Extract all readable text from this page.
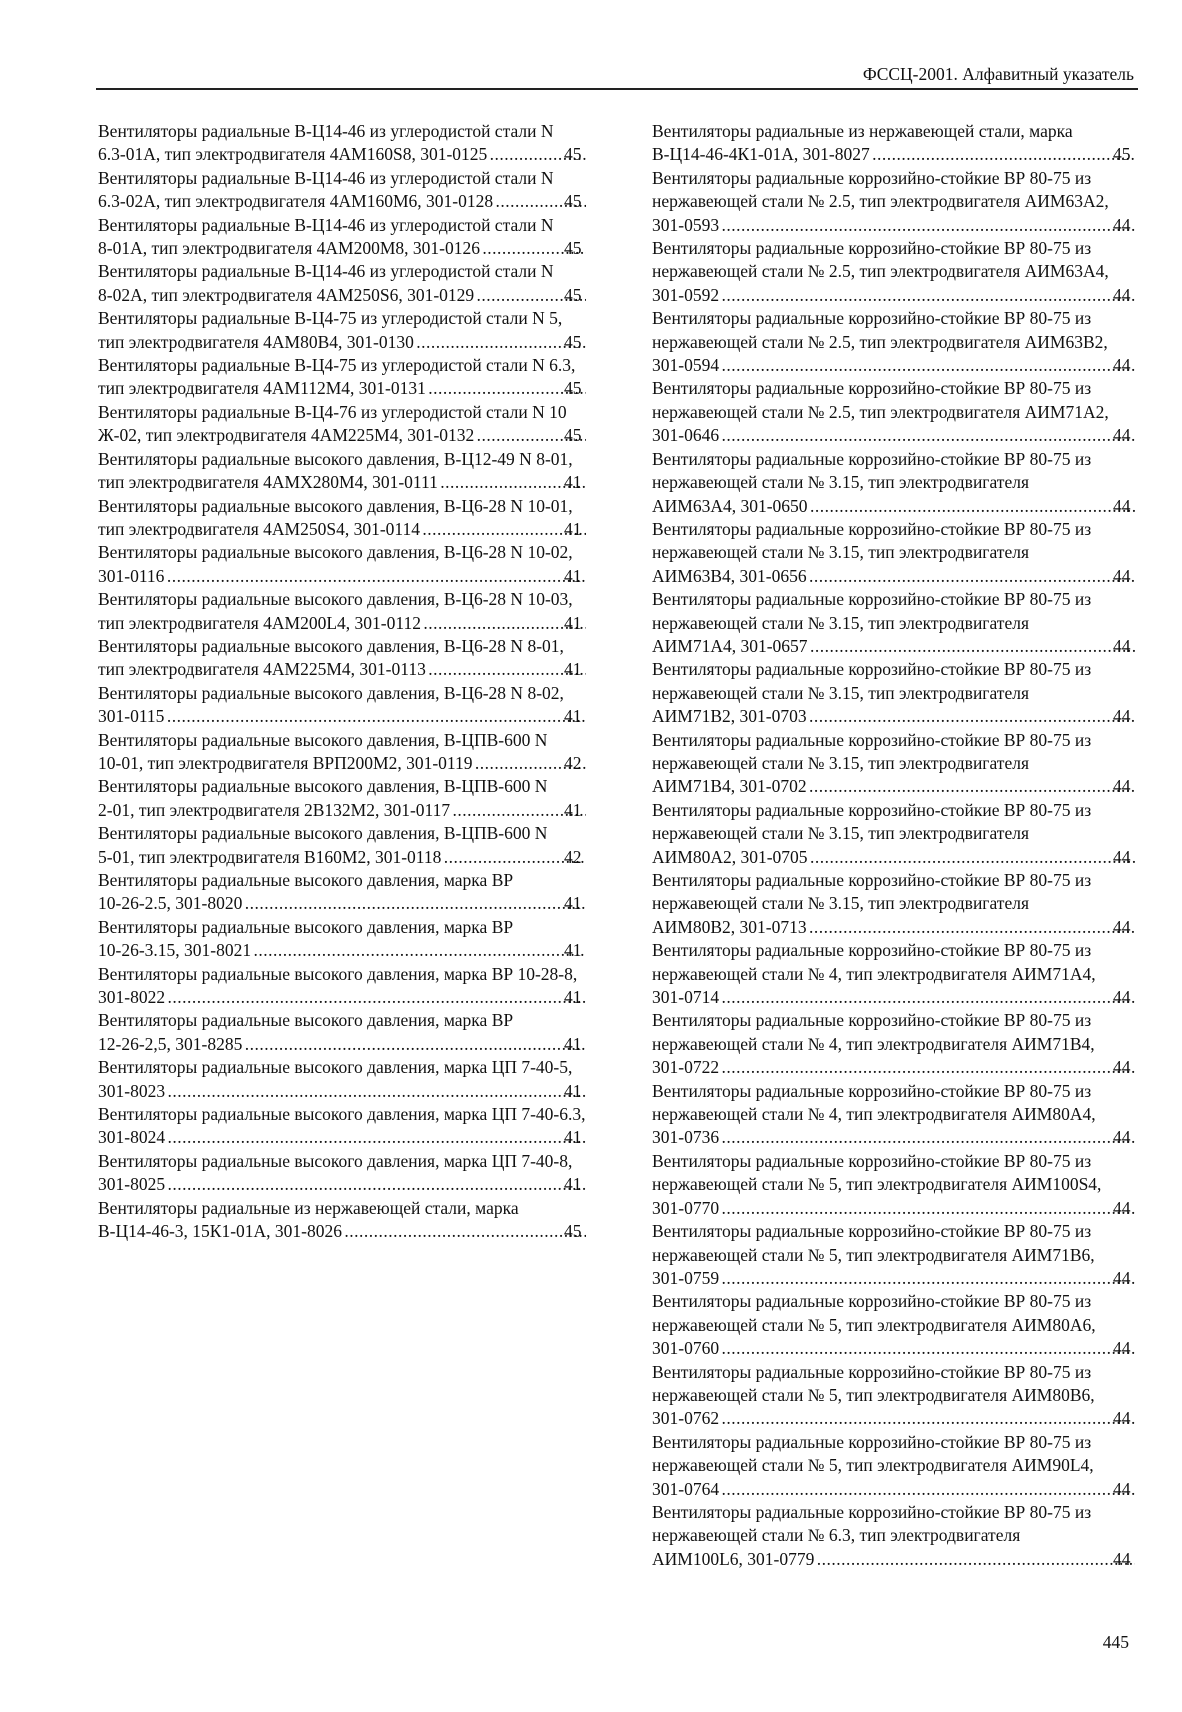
ФССЦ-2001. Алфавитный указатель
Вентиляторы радиальные В-Ц14-46 из углеродистой стали N
6.3-01А, тип электродвигателя 4АМ160S8, 301-0125 .....	45
Вентиляторы радиальные В-Ц14-46 из углеродистой стали N
6.3-02А, тип электродвигателя 4АМ160М6, 301-0128 .....	45
Вентиляторы радиальные В-Ц14-46 из углеродистой стали N
8-01А, тип электродвигателя 4АМ200М8, 301-0126 .....	45
Вентиляторы радиальные В-Ц14-46 из углеродистой стали N
8-02А, тип электродвигателя 4АМ250S6, 301-0129 .....	45
Вентиляторы радиальные В-Ц4-75 из углеродистой стали N 5,
тип электродвигателя 4АМ80В4, 301-0130 .....	45
Вентиляторы радиальные В-Ц4-75 из углеродистой стали N 6.3,
тип электродвигателя 4АМ112М4, 301-0131 .....	45
Вентиляторы радиальные В-Ц4-76 из углеродистой стали N 10
Ж-02, тип электродвигателя 4АМ225М4, 301-0132 .....	45
Вентиляторы радиальные высокого давления, В-Ц12-49 N 8-01,
тип электродвигателя 4АМХ280М4, 301-0111 .....	41
Вентиляторы радиальные высокого давления, В-Ц6-28 N 10-01,
тип электродвигателя 4АМ250S4, 301-0114 .....	41
Вентиляторы радиальные высокого давления, В-Ц6-28 N 10-02,
301-0116 .....	41
Вентиляторы радиальные высокого давления, В-Ц6-28 N 10-03,
тип электродвигателя 4АМ200L4, 301-0112 .....	41
Вентиляторы радиальные высокого давления, В-Ц6-28 N 8-01,
тип электродвигателя 4АМ225М4, 301-0113 .....	41
Вентиляторы радиальные высокого давления, В-Ц6-28 N 8-02,
301-0115 .....	41
Вентиляторы радиальные высокого давления, В-ЦПВ-600 N
10-01, тип электродвигателя ВРП200М2, 301-0119 .....	42
Вентиляторы радиальные высокого давления, В-ЦПВ-600 N
2-01, тип электродвигателя 2В132М2, 301-0117 .....	41
Вентиляторы радиальные высокого давления, В-ЦПВ-600 N
5-01, тип электродвигателя В160М2, 301-0118 .....	42
Вентиляторы радиальные высокого давления, марка ВР
10-26-2.5, 301-8020 .....	41
Вентиляторы радиальные высокого давления, марка ВР
10-26-3.15, 301-8021 .....	41
Вентиляторы радиальные высокого давления, марка ВР 10-28-8,
301-8022 .....	41
Вентиляторы радиальные высокого давления, марка ВР
12-26-2,5, 301-8285 .....	41
Вентиляторы радиальные высокого давления, марка ЦП 7-40-5,
301-8023 .....	41
Вентиляторы радиальные высокого давления, марка ЦП 7-40-6.3,
301-8024 .....	41
Вентиляторы радиальные высокого давления, марка ЦП 7-40-8,
301-8025 .....	41
Вентиляторы радиальные из нержавеющей стали, марка
В-Ц14-46-3, 15К1-01А, 301-8026 .....	45
Вентиляторы радиальные из нержавеющей стали, марка
В-Ц14-46-4К1-01А, 301-8027 .....	45
Вентиляторы радиальные коррозийно-стойкие ВР 80-75 из
нержавеющей стали № 2.5, тип электродвигателя АИМ63А2,
301-0593 .....	44
Вентиляторы радиальные коррозийно-стойкие ВР 80-75 из
нержавеющей стали № 2.5, тип электродвигателя АИМ63А4,
301-0592 .....	44
Вентиляторы радиальные коррозийно-стойкие ВР 80-75 из
нержавеющей стали № 2.5, тип электродвигателя АИМ63В2,
301-0594 .....	44
Вентиляторы радиальные коррозийно-стойкие ВР 80-75 из
нержавеющей стали № 2.5, тип электродвигателя АИМ71А2,
301-0646 .....	44
Вентиляторы радиальные коррозийно-стойкие ВР 80-75 из
нержавеющей стали № 3.15, тип электродвигателя
АИМ63А4, 301-0650 .....	44
Вентиляторы радиальные коррозийно-стойкие ВР 80-75 из
нержавеющей стали № 3.15, тип электродвигателя
АИМ63В4, 301-0656 .....	44
Вентиляторы радиальные коррозийно-стойкие ВР 80-75 из
нержавеющей стали № 3.15, тип электродвигателя
АИМ71А4, 301-0657 .....	44
Вентиляторы радиальные коррозийно-стойкие ВР 80-75 из
нержавеющей стали № 3.15, тип электродвигателя
АИМ71В2, 301-0703 .....	44
Вентиляторы радиальные коррозийно-стойкие ВР 80-75 из
нержавеющей стали № 3.15, тип электродвигателя
АИМ71В4, 301-0702 .....	44
Вентиляторы радиальные коррозийно-стойкие ВР 80-75 из
нержавеющей стали № 3.15, тип электродвигателя
АИМ80А2, 301-0705 .....	44
Вентиляторы радиальные коррозийно-стойкие ВР 80-75 из
нержавеющей стали № 3.15, тип электродвигателя
АИМ80В2, 301-0713 .....	44
Вентиляторы радиальные коррозийно-стойкие ВР 80-75 из
нержавеющей стали № 4, тип электродвигателя АИМ71А4,
301-0714 .....	44
Вентиляторы радиальные коррозийно-стойкие ВР 80-75 из
нержавеющей стали № 4, тип электродвигателя АИМ71В4,
301-0722 .....	44
Вентиляторы радиальные коррозийно-стойкие ВР 80-75 из
нержавеющей стали № 4, тип электродвигателя АИМ80А4,
301-0736 .....	44
Вентиляторы радиальные коррозийно-стойкие ВР 80-75 из
нержавеющей стали № 5, тип электродвигателя АИМ100S4,
301-0770 .....	44
Вентиляторы радиальные коррозийно-стойкие ВР 80-75 из
нержавеющей стали № 5, тип электродвигателя АИМ71В6,
301-0759 .....	44
Вентиляторы радиальные коррозийно-стойкие ВР 80-75 из
нержавеющей стали № 5, тип электродвигателя АИМ80А6,
301-0760 .....	44
Вентиляторы радиальные коррозийно-стойкие ВР 80-75 из
нержавеющей стали № 5, тип электродвигателя АИМ80В6,
301-0762 .....	44
Вентиляторы радиальные коррозийно-стойкие ВР 80-75 из
нержавеющей стали № 5, тип электродвигателя АИМ90L4,
301-0764 .....	44
Вентиляторы радиальные коррозийно-стойкие ВР 80-75 из
нержавеющей стали № 6.3, тип электродвигателя
АИМ100L6, 301-0779 .....	44
445
